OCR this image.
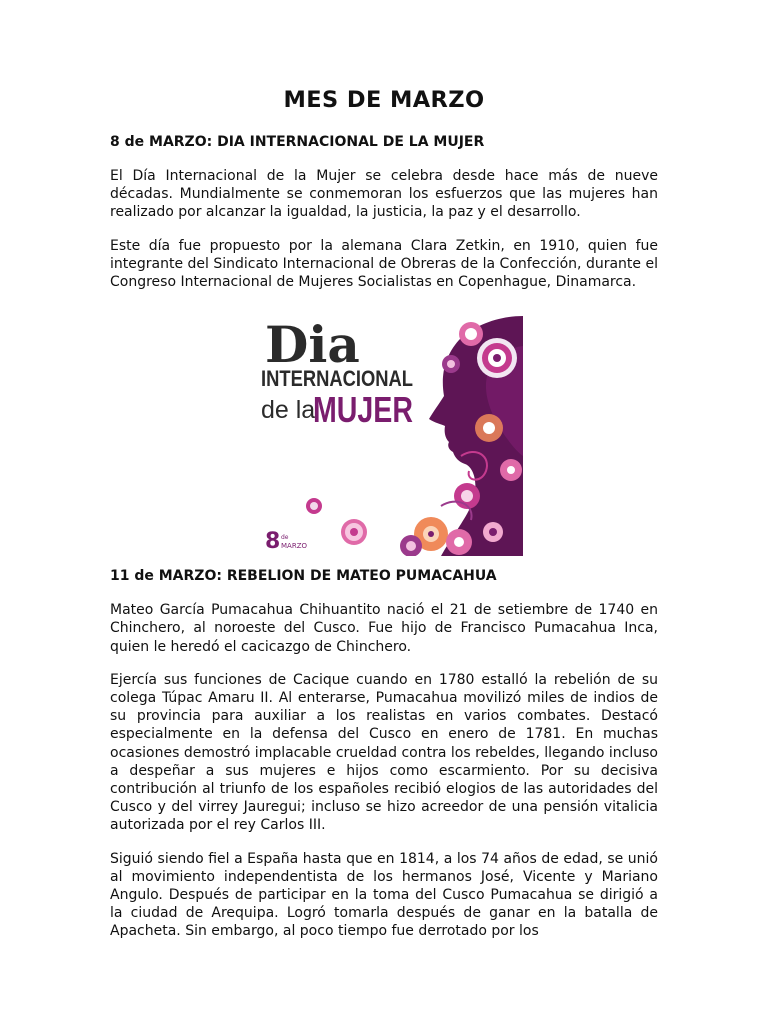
MES DE MARZO

8 de MARZO: DIA INTERNACIONAL DE LA MUJER

El Día Internacional de la Mujer se celebra desde hace más de nueve décadas. Mundialmente se conmemoran los esfuerzos que las mujeres han realizado por alcanzar la igualdad, la justicia, la paz y el desarrollo.

Este día fue propuesto por la alemana Clara Zetkin, en 1910, quien fue integrante del Sindicato Internacional de Obreras de la Confección, durante el Congreso Internacional de Mujeres Socialistas en Copenhague, Dinamarca.

Dia
INTERNACIONAL
de la
MUJER
8 de
MARZO

11 de MARZO: REBELION DE MATEO PUMACAHUA

Mateo García Pumacahua Chihuantito nació el 21 de setiembre de 1740 en Chinchero, al noroeste del Cusco. Fue hijo de Francisco Pumacahua Inca, quien le heredó el cacicazgo de Chinchero.

Ejercía sus funciones de Cacique cuando en 1780 estalló la rebelión de su colega Túpac Amaru II. Al enterarse, Pumacahua movilizó miles de indios de su provincia para auxiliar a los realistas en varios combates. Destacó especialmente en la defensa del Cusco en enero de 1781. En muchas ocasiones demostró implacable crueldad contra los rebeldes, llegando incluso a despeñar a sus mujeres e hijos como escarmiento. Por su decisiva contribución al triunfo de los españoles recibió elogios de las autoridades del Cusco y del virrey Jauregui; incluso se hizo acreedor de una pensión vitalicia autorizada por el rey Carlos III.

Siguió siendo fiel a España hasta que en 1814, a los 74 años de edad, se unió al movimiento independentista de los hermanos José, Vicente y Mariano Angulo. Después de participar en la toma del Cusco Pumacahua se dirigió a la ciudad de Arequipa. Logró tomarla después de ganar en la batalla de Apacheta. Sin embargo, al poco tiempo fue derrotado por los
